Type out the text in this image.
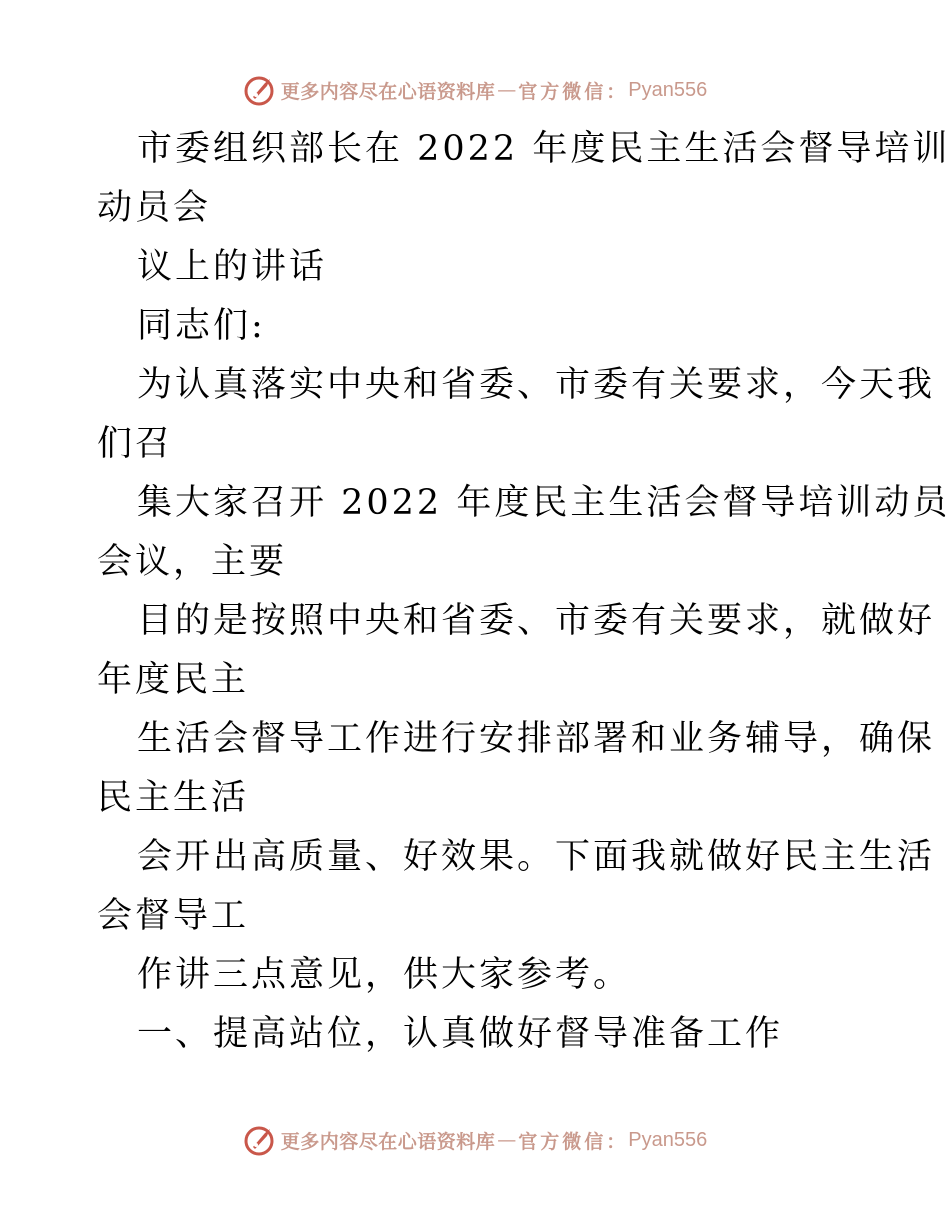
更多内容尽在心语资料库 — 官方微信： Pyan556
市委组织部长在 2022 年度民主生活会督导培训
动员会
议上的讲话
同志们:
为认真落实中央和省委、市委有关要求，今天我
们召
集大家召开 2022 年度民主生活会督导培训动员
会议，主要
目的是按照中央和省委、市委有关要求，就做好
年度民主
生活会督导工作进行安排部署和业务辅导，确保
民主生活
会开出高质量、好效果。下面我就做好民主生活
会督导工
作讲三点意见，供大家参考。
一、提高站位，认真做好督导准备工作
更多内容尽在心语资料库 — 官方微信： Pyan556
